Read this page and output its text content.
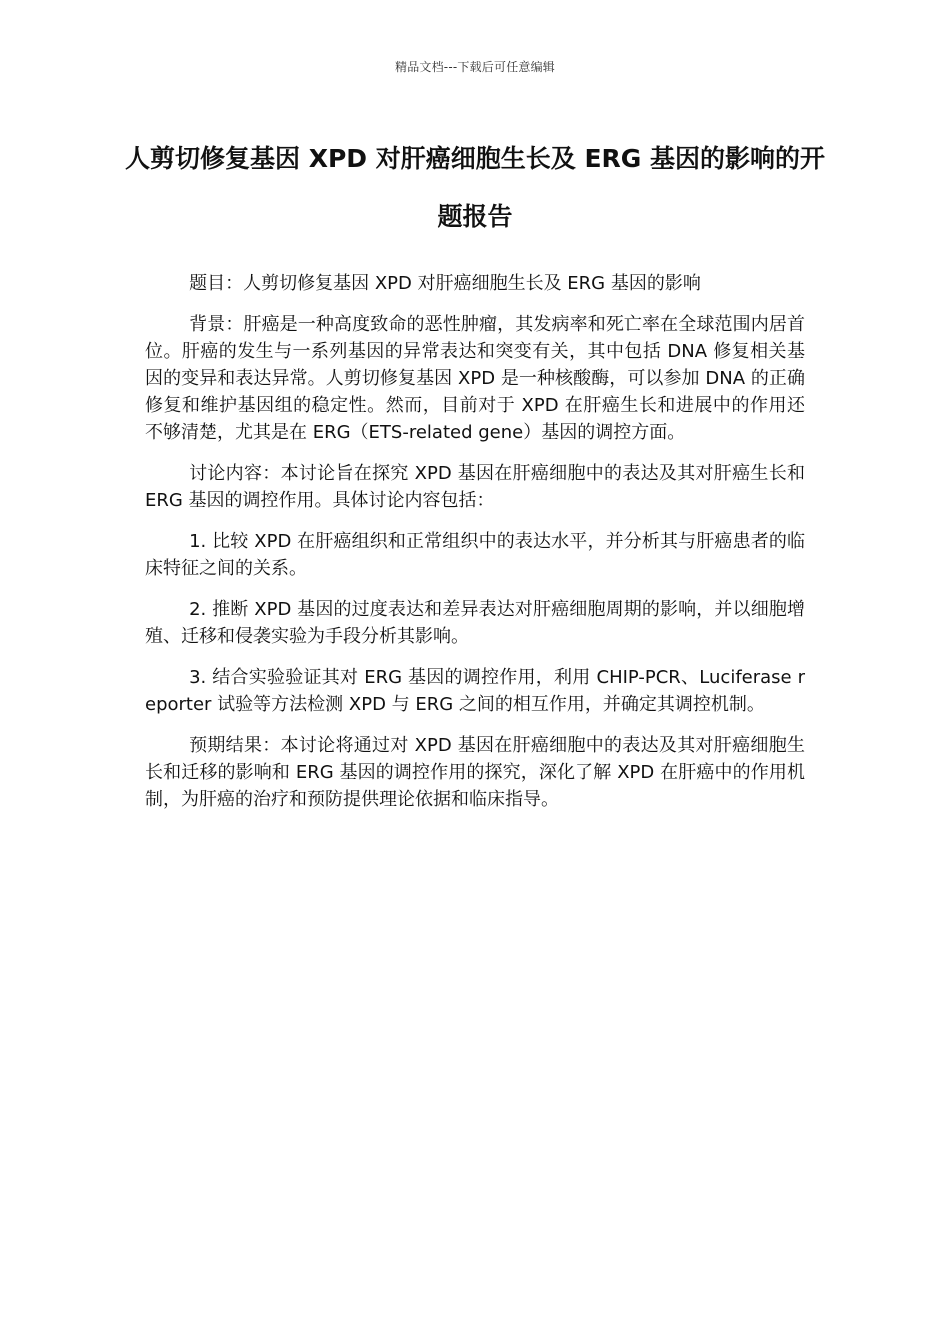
精品文档---下载后可任意编辑
人剪切修复基因 XPD 对肝癌细胞生长及 ERG 基因的影响的开题报告

题目：人剪切修复基因 XPD 对肝癌细胞生长及 ERG 基因的影响

背景：肝癌是一种高度致命的恶性肿瘤，其发病率和死亡率在全球范围内居首位。肝癌的发生与一系列基因的异常表达和突变有关，其中包括 DNA 修复相关基因的变异和表达异常。人剪切修复基因 XPD 是一种核酸酶，可以参加 DNA 的正确修复和维护基因组的稳定性。然而，目前对于 XPD 在肝癌生长和进展中的作用还不够清楚，尤其是在 ERG（ETS-related gene）基因的调控方面。

讨论内容：本讨论旨在探究 XPD 基因在肝癌细胞中的表达及其对肝癌生长和 ERG 基因的调控作用。具体讨论内容包括：

1. 比较 XPD 在肝癌组织和正常组织中的表达水平，并分析其与肝癌患者的临床特征之间的关系。

2. 推断 XPD 基因的过度表达和差异表达对肝癌细胞周期的影响，并以细胞增殖、迁移和侵袭实验为手段分析其影响。

3. 结合实验验证其对 ERG 基因的调控作用，利用 CHIP-PCR、Luciferase reporter 试验等方法检测 XPD 与 ERG 之间的相互作用，并确定其调控机制。

预期结果：本讨论将通过对 XPD 基因在肝癌细胞中的表达及其对肝癌细胞生长和迁移的影响和 ERG 基因的调控作用的探究，深化了解 XPD 在肝癌中的作用机制，为肝癌的治疗和预防提供理论依据和临床指导。
